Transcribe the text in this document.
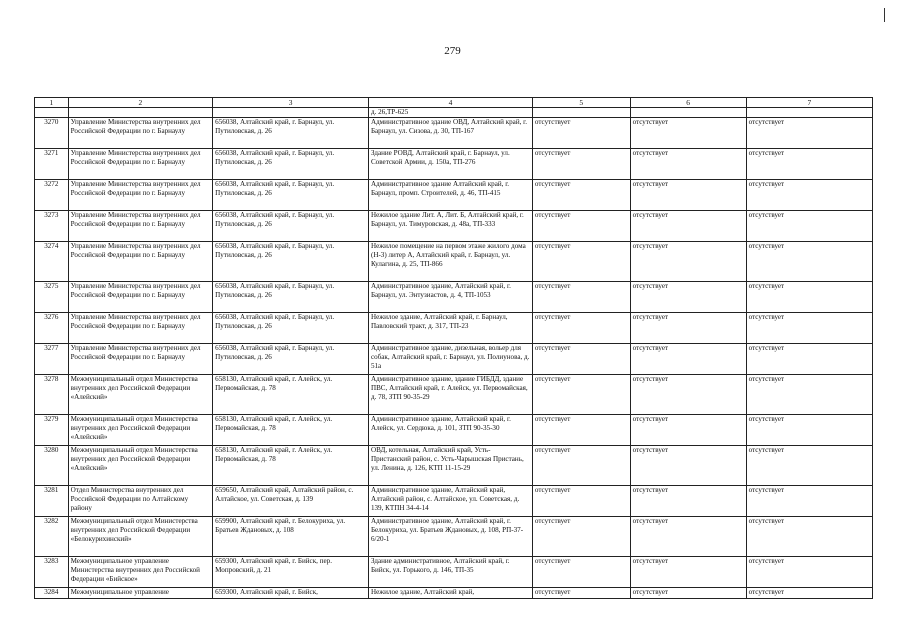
279
1	2	3	4	5	6	7
			д. 26,ТР-625			
3270	Управление Министерства внутренних дел Российской Федерации по г. Барнаулу	656038, Алтайский край, г. Барнаул, ул. Путиловская, д. 26	Административное здание ОВД, Алтайский край, г. Барнаул, ул. Сизова, д. 30, ТП-167	отсутствует	отсутствует	отсутствует
3271	Управление Министерства внутренних дел Российской Федерации по г. Барнаулу	656038, Алтайский край, г. Барнаул, ул. Путиловская, д. 26	Здание РОВД, Алтайский край, г. Барнаул, ул. Советской Армии, д. 150а, ТП-276	отсутствует	отсутствует	отсутствует
3272	Управление Министерства внутренних дел Российской Федерации по г. Барнаулу	656038, Алтайский край, г. Барнаул, ул. Путиловская, д. 26	Административное здание Алтайский край, г. Барнаул, промп. Строителей, д. 46, ТП-415	отсутствует	отсутствует	отсутствует
3273	Управление Министерства внутренних дел Российской Федерации по г. Барнаулу	656038, Алтайский край, г. Барнаул, ул. Путиловская, д. 26	Нежилое здание Лит. А, Лит. Б, Алтайский край, г. Барнаул, ул. Тимуровская, д. 48а, ТП-333	отсутствует	отсутствует	отсутствует
3274	Управление Министерства внутренних дел Российской Федерации по г. Барнаулу	656038, Алтайский край, г. Барнаул, ул. Путиловская, д. 26	Нежилое помещение на первом этаже жилого дома (Н-3) литер А, Алтайский край, г. Барнаул, ул. Кулагина, д. 25, ТП-866	отсутствует	отсутствует	отсутствует
3275	Управление Министерства внутренних дел Российской Федерации по г. Барнаулу	656038, Алтайский край, г. Барнаул, ул. Путиловская, д. 26	Административное здание, Алтайский край, г. Барнаул, ул. Энтузиастов, д. 4, ТП-1053	отсутствует	отсутствует	отсутствует
3276	Управление Министерства внутренних дел Российской Федерации по г. Барнаулу	656038, Алтайский край, г. Барнаул, ул. Путиловская, д. 26	Нежилое здание, Алтайский край, г. Барнаул, Павловский тракт, д. 317, ТП-23	отсутствует	отсутствует	отсутствует
3277	Управление Министерства внутренних дел Российской Федерации по г. Барнаулу	656038, Алтайский край, г. Барнаул, ул. Путиловская, д. 26	Административное здание, дизельная, вольер для собак, Алтайский край, г. Барнаул, ул. Полиунова, д. 51а	отсутствует	отсутствует	отсутствует
3278	Межмуниципальный отдел Министерства внутренних дел Российской Федерации «Алейский»	658130, Алтайский край, г. Алейск, ул. Первомайская, д. 78	Административное здание, здание ГИБДД, здание ПВС, Алтайский край, г. Алейск, ул. Первомайская, д. 78, ЗТП 90-35-29	отсутствует	отсутствует	отсутствует
3279	Межмуниципальный отдел Министерства внутренних дел Российской Федерации «Алейский»	658130, Алтайский край, г. Алейск, ул. Первомайская, д. 78	Административное здание, Алтайский край, г. Алейск, ул. Сердюка, д. 101, ЗТП 90-35-30	отсутствует	отсутствует	отсутствует
3280	Межмуниципальный отдел Министерства внутренних дел Российской Федерации «Алейский»	658130, Алтайский край, г. Алейск, ул. Первомайская, д. 78	ОВД, котельная, Алтайский край, Усть-Пристанский район, с. Усть-Чарышская Пристань, ул. Ленина, д. 126, КТП 11-15-29	отсутствует	отсутствует	отсутствует
3281	Отдел Министерства внутренних дел Российской Федерации по Алтайскому району	659650, Алтайский край, Алтайский район, с. Алтайское, ул. Советская, д. 139	Административное здание, Алтайский край, Алтайский район, с. Алтайское, ул. Советская, д. 139, КТПН 34-4-14	отсутствует	отсутствует	отсутствует
3282	Межмуниципальный отдел Министерства внутренних дел Российской Федерации «Белокурихинский»	659900, Алтайский край, г. Белокуриха, ул. Братьев Ждановых, д. 108	Административное здание, Алтайский край, г. Белокуриха, ул. Братьев Ждановых, д. 108, РП-37-6/20-1	отсутствует	отсутствует	отсутствует
3283	Межмуниципальное управление Министерства внутренних дел Российской Федерации «Бийское»	659300, Алтайский край, г. Бийск, пер. Мопровский, д. 21	Здание административное, Алтайский край, г. Бийск, ул. Горького, д. 146, ТП-35	отсутствует	отсутствует	отсутствует
3284	Межмуниципальное управление	659300, Алтайский край, г. Бийск,	Нежилое здание, Алтайский край,	отсутствует	отсутствует	отсутствует
